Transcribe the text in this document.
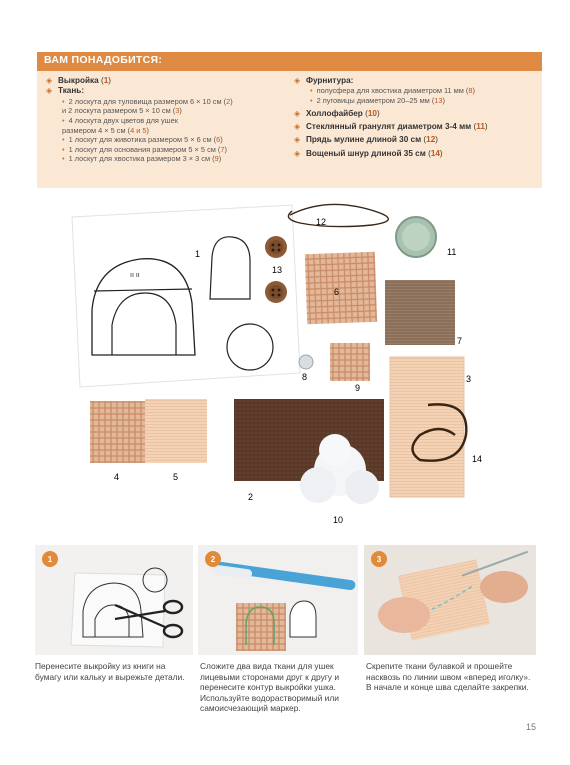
ВАМ ПОНАДОБИТСЯ:
◈ Выкройка ( 1 )
◈ Ткань:
• 2 лоскута для туловища размером 6 × 10 см (2)
и 2 лоскута размером 5 × 10 см (3)
• 4 лоскута двух цветов для ушек
размером 4 × 5 см (4 и 5)
• 1 лоскут для животика размером 5 × 6 см (6)
• 1 лоскут для основания размером 5 × 5 см (7)
• 1 лоскут для хвостика размером 3 × 3 см (9)
◈ Фурнитура:
• полусфера для хвостика диаметром 11 мм (8)
• 2 пуговицы диаметром 20–25 мм (13)
◈ Холлофайбер ( 10 )
◈ Стеклянный гранулят диаметром 3-4 мм ( 11 )
◈ Прядь мулине длиной 30 см ( 12 )
◈ Вощеный шнур длиной 35 см ( 14 )
ıı ıı
1
2
3
4	5
6
7
8
9
10
11
12
13
14
1
Перенесите выкройку из книги на бумагу или кальку и вырежьте детали.
2
Сложите два вида ткани для ушек лицевыми сторонами друг к другу и перенесите контур выкройки ушка. Используйте водорастворимый или самоисчезающий маркер.
3
Скрепите ткани булавкой и прошейте насквозь по линии швом «вперед иголку». В начале и конце шва сделайте закрепки.
15
